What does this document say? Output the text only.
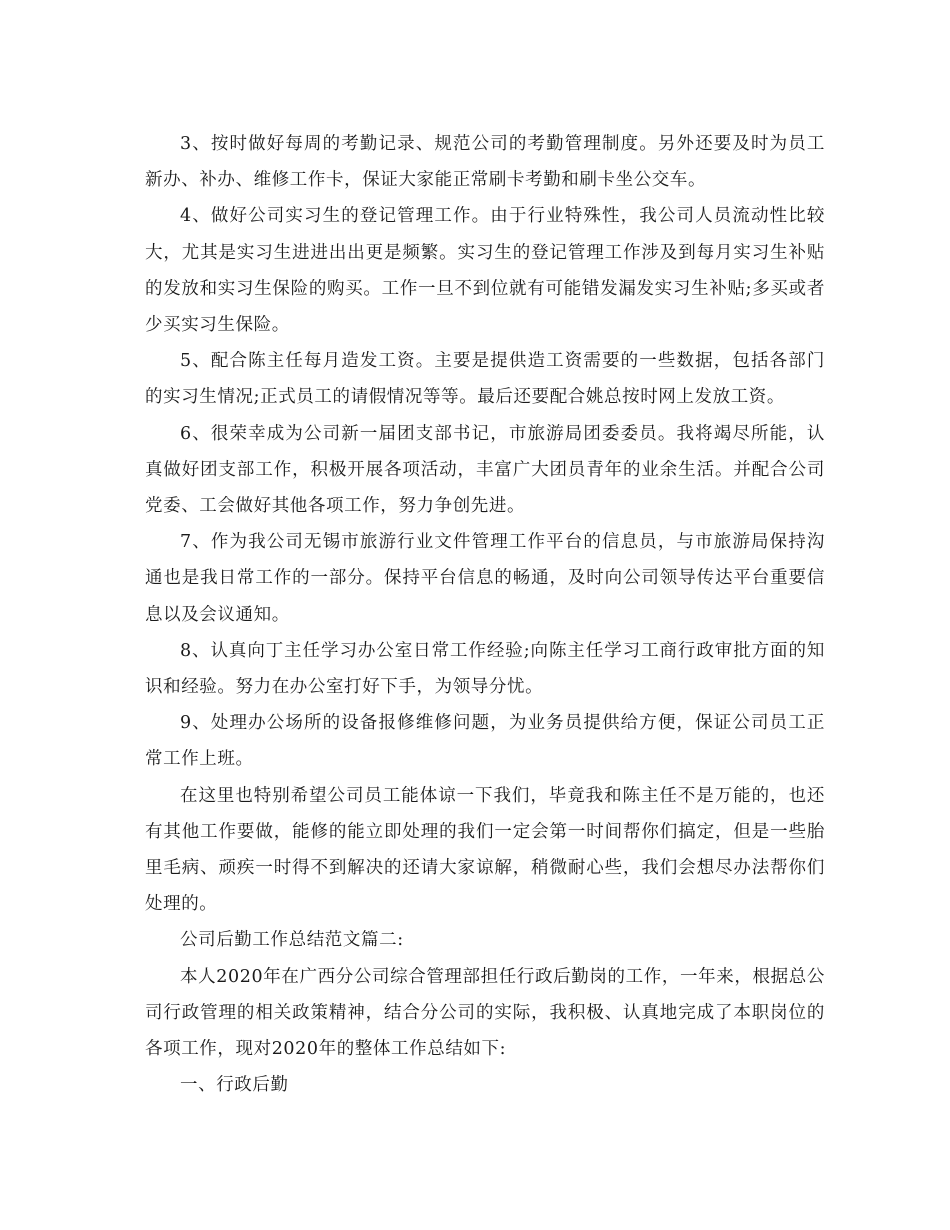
3、按时做好每周的考勤记录、规范公司的考勤管理制度。另外还要及时为员工新办、补办、维修工作卡，保证大家能正常刷卡考勤和刷卡坐公交车。

4、做好公司实习生的登记管理工作。由于行业特殊性，我公司人员流动性比较大，尤其是实习生进进出出更是频繁。实习生的登记管理工作涉及到每月实习生补贴的发放和实习生保险的购买。工作一旦不到位就有可能错发漏发实习生补贴;多买或者少买实习生保险。

5、配合陈主任每月造发工资。主要是提供造工资需要的一些数据，包括各部门的实习生情况;正式员工的请假情况等等。最后还要配合姚总按时网上发放工资。

6、很荣幸成为公司新一届团支部书记，市旅游局团委委员。我将竭尽所能，认真做好团支部工作，积极开展各项活动，丰富广大团员青年的业余生活。并配合公司党委、工会做好其他各项工作，努力争创先进。

7、作为我公司无锡市旅游行业文件管理工作平台的信息员，与市旅游局保持沟通也是我日常工作的一部分。保持平台信息的畅通，及时向公司领导传达平台重要信息以及会议通知。

8、认真向丁主任学习办公室日常工作经验;向陈主任学习工商行政审批方面的知识和经验。努力在办公室打好下手，为领导分忧。

9、处理办公场所的设备报修维修问题，为业务员提供给方便，保证公司员工正常工作上班。

在这里也特别希望公司员工能体谅一下我们，毕竟我和陈主任不是万能的，也还有其他工作要做，能修的能立即处理的我们一定会第一时间帮你们搞定，但是一些胎里毛病、顽疾一时得不到解决的还请大家谅解，稍微耐心些，我们会想尽办法帮你们处理的。

公司后勤工作总结范文篇二:

本人2020年在广西分公司综合管理部担任行政后勤岗的工作，一年来，根据总公司行政管理的相关政策精神，结合分公司的实际，我积极、认真地完成了本职岗位的各项工作，现对2020年的整体工作总结如下:

一、行政后勤
